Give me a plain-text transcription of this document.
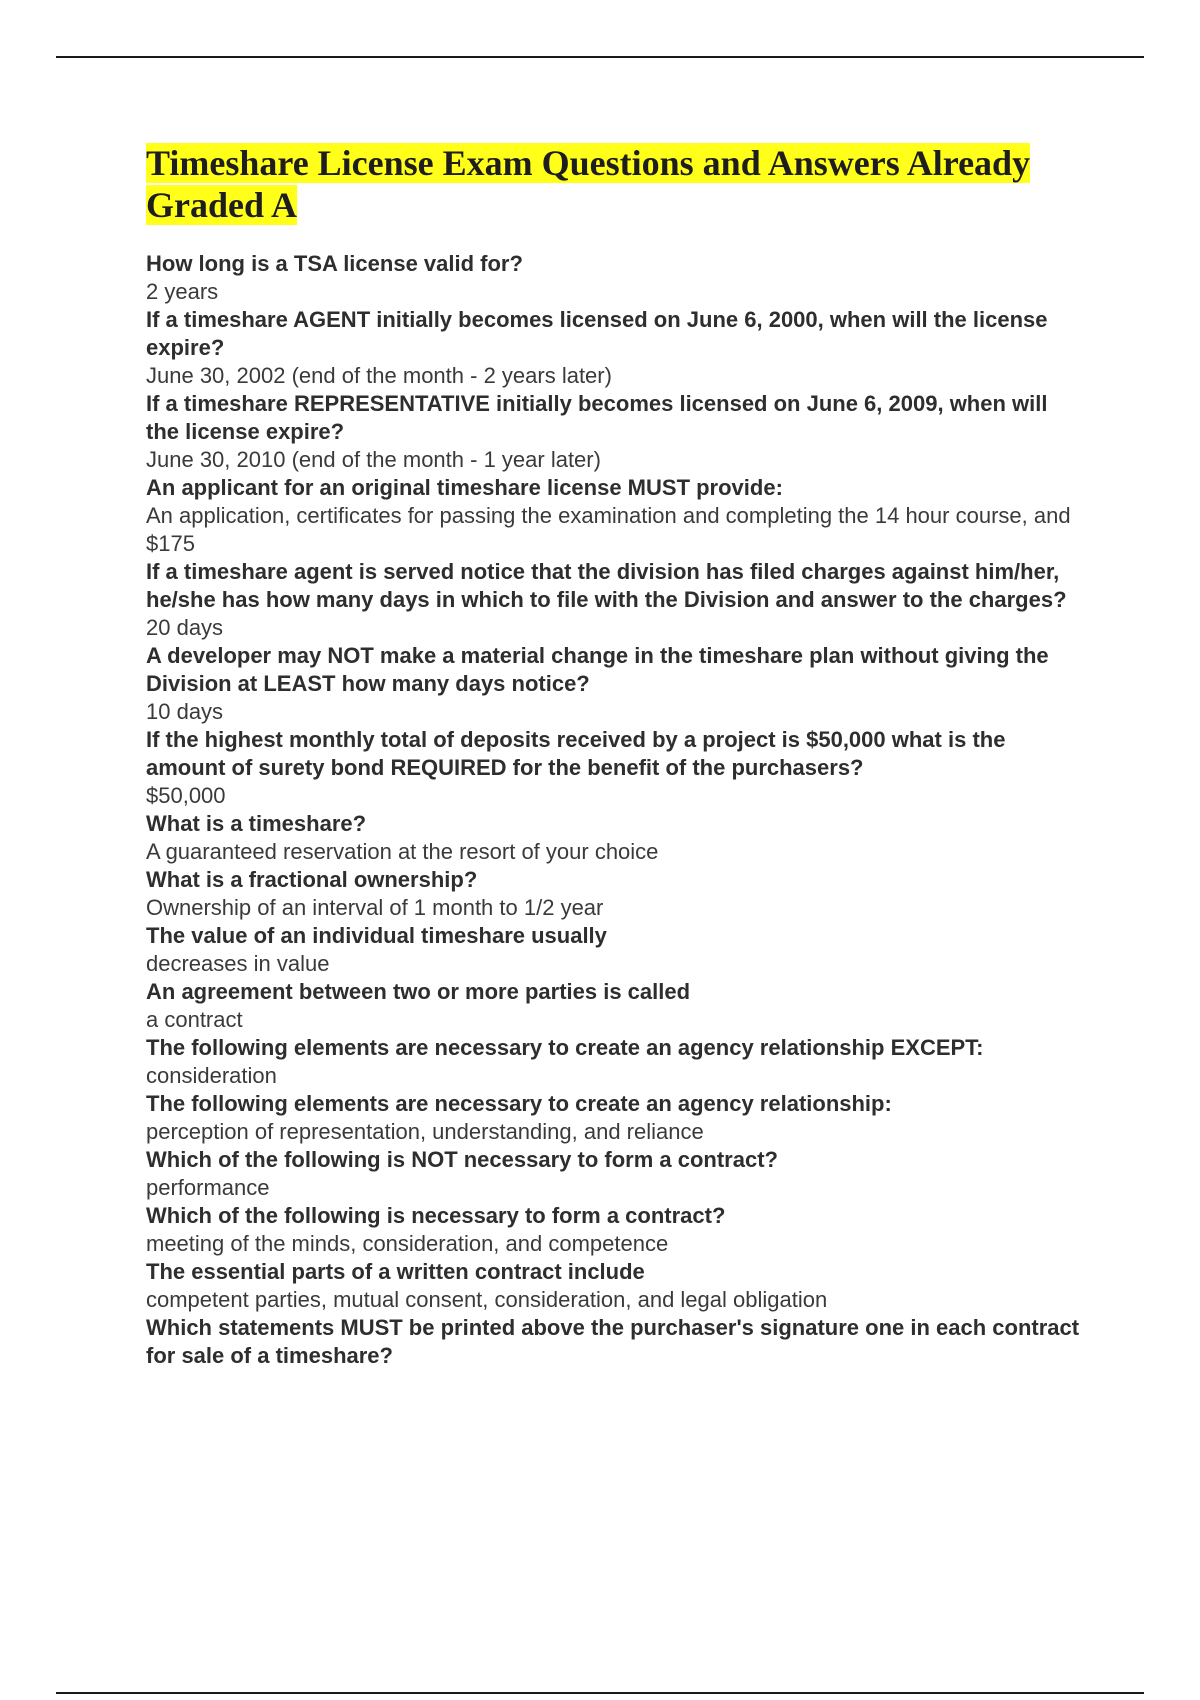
Timeshare License Exam Questions and Answers Already Graded A
How long is a TSA license valid for?
2 years
If a timeshare AGENT initially becomes licensed on June 6, 2000, when will the license expire?
June 30, 2002 (end of the month - 2 years later)
If a timeshare REPRESENTATIVE initially becomes licensed on June 6, 2009, when will the license expire?
June 30, 2010 (end of the month - 1 year later)
An applicant for an original timeshare license MUST provide:
An application, certificates for passing the examination and completing the 14 hour course, and $175
If a timeshare agent is served notice that the division has filed charges against him/her, he/she has how many days in which to file with the Division and answer to the charges?
20 days
A developer may NOT make a material change in the timeshare plan without giving the Division at LEAST how many days notice?
10 days
If the highest monthly total of deposits received by a project is $50,000 what is the amount of surety bond REQUIRED for the benefit of the purchasers?
$50,000
What is a timeshare?
A guaranteed reservation at the resort of your choice
What is a fractional ownership?
Ownership of an interval of 1 month to 1/2 year
The value of an individual timeshare usually
decreases in value
An agreement between two or more parties is called
a contract
The following elements are necessary to create an agency relationship EXCEPT:
consideration
The following elements are necessary to create an agency relationship:
perception of representation, understanding, and reliance
Which of the following is NOT necessary to form a contract?
performance
Which of the following is necessary to form a contract?
meeting of the minds, consideration, and competence
The essential parts of a written contract include
competent parties, mutual consent, consideration, and legal obligation
Which statements MUST be printed above the purchaser's signature one in each contract for sale of a timeshare?
